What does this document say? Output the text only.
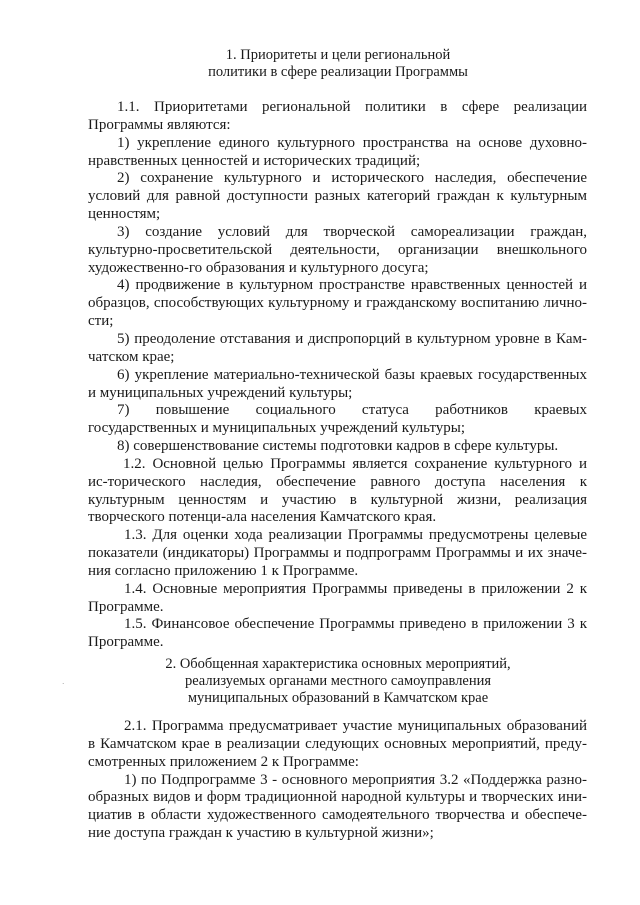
1. Приоритеты и цели региональной
политики в сфере реализации Программы

1.1. Приоритетами региональной политики в сфере реализации Программы являются:

1) укрепление единого культурного пространства на основе духовно-нравственных ценностей и исторических традиций;

2) сохранение культурного и исторического наследия, обеспечение условий для равной доступности разных категорий граждан к культурным ценностям;

3) создание условий для творческой самореализации граждан, культурно-просветительской деятельности, организации внешкольного художественно-го образования и культурного досуга;

4) продвижение в культурном пространстве нравственных ценностей и образцов, способствующих культурному и гражданскому воспитанию лично-сти;

5) преодоление отставания и диспропорций в культурном уровне в Кам-чатском крае;

6) укрепление материально-технической базы краевых государственных и муниципальных учреждений культуры;

7) повышение социального статуса работников краевых государственных и муниципальных учреждений культуры;

8) совершенствование системы подготовки кадров в сфере культуры.

1.2. Основной целью Программы является сохранение культурного и ис-торического наследия, обеспечение равного доступа населения к культурным ценностям и участию в культурной жизни, реализация творческого потенци-ала населения Камчатского края.

1.3. Для оценки хода реализации Программы предусмотрены целевые показатели (индикаторы) Программы и подпрограмм Программы и их значе-ния согласно приложению 1 к Программе.

1.4. Основные мероприятия Программы приведены в приложении 2 к Программе.

1.5. Финансовое обеспечение Программы приведено в приложении 3 к Программе.

2. Обобщенная характеристика основных мероприятий,
реализуемых органами местного самоуправления
муниципальных образований в Камчатском крае

2.1. Программа предусматривает участие муниципальных образований в Камчатском крае в реализации следующих основных мероприятий, преду-смотренных приложением 2 к Программе:

1) по Подпрограмме 3 - основного мероприятия 3.2 «Поддержка разно-образных видов и форм традиционной народной культуры и творческих ини-циатив в области художественного самодеятельного творчества и обеспече-ние доступа граждан к участию в культурной жизни»;

·
